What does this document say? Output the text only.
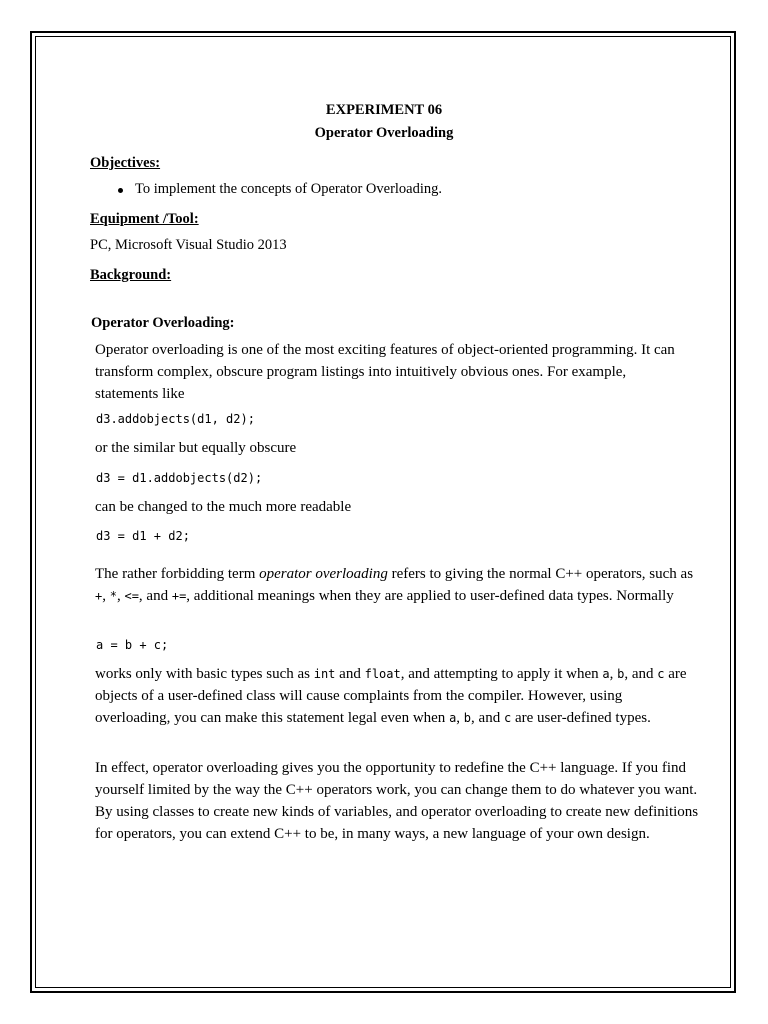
EXPERIMENT 06
Operator Overloading
Objectives:
To implement the concepts of Operator Overloading.
Equipment /Tool:
PC, Microsoft Visual Studio 2013
Background:
Operator Overloading:
Operator overloading is one of the most exciting features of object-oriented programming. It can transform complex, obscure program listings into intuitively obvious ones. For example, statements like
d3.addobjects(d1, d2);
or the similar but equally obscure
d3 = d1.addobjects(d2);
can be changed to the much more readable
d3 = d1 + d2;
The rather forbidding term operator overloading refers to giving the normal C++ operators, such as +, *, <=, and +=, additional meanings when they are applied to user-defined data types. Normally
a = b + c;
works only with basic types such as int and float, and attempting to apply it when a, b, and c are objects of a user-defined class will cause complaints from the compiler. However, using overloading, you can make this statement legal even when a, b, and c are user-defined types.
In effect, operator overloading gives you the opportunity to redefine the C++ language. If you find yourself limited by the way the C++ operators work, you can change them to do whatever you want. By using classes to create new kinds of variables, and operator overloading to create new definitions for operators, you can extend C++ to be, in many ways, a new language of your own design.
